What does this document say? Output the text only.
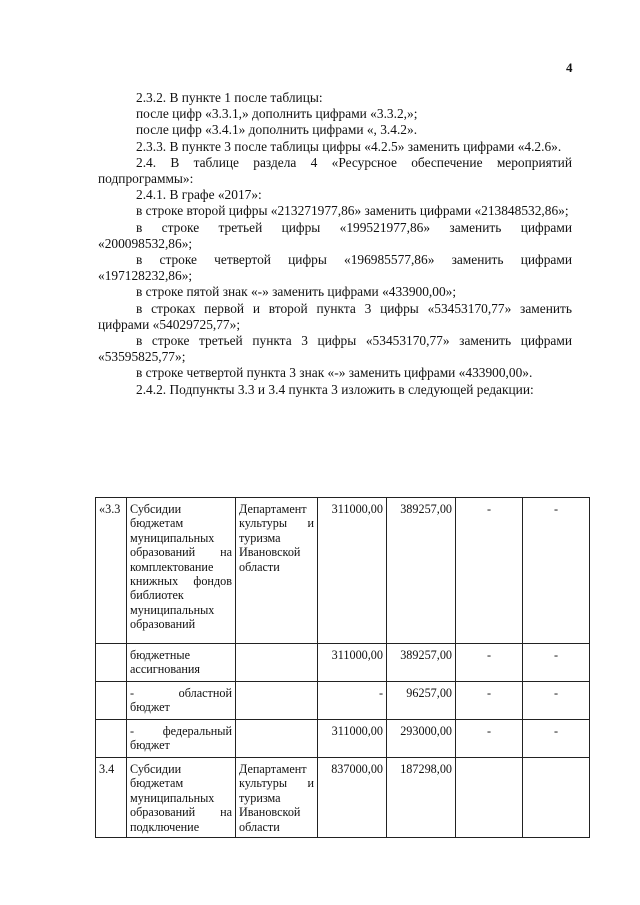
4

2.3.2. В пункте 1 после таблицы:

после цифр «3.3.1,» дополнить цифрами «3.3.2,»;

после цифр «3.4.1» дополнить цифрами «, 3.4.2».

2.3.3. В пункте 3 после таблицы цифры «4.2.5» заменить цифрами «4.2.6».

2.4. В таблице раздела 4 «Ресурсное обеспечение мероприятий подпрограммы»:

2.4.1. В графе «2017»:

в строке второй цифры «213271977,86» заменить цифрами «213848532,86»;

в строке третьей цифры «199521977,86» заменить цифрами «200098532,86»;

в строке четвертой цифры «196985577,86» заменить цифрами «197128232,86»;

в строке пятой знак «-» заменить цифрами «433900,00»;

в строках первой и второй пункта 3 цифры «53453170,77» заменить цифрами «54029725,77»;

в строке третьей пункта 3 цифры «53453170,77» заменить цифрами «53595825,77»;

в строке четвертой пункта 3 знак «-» заменить цифрами «433900,00».

2.4.2. Подпункты 3.3 и 3.4 пункта 3 изложить в следующей редакции:

«3.3	Субсидии бюджетам муниципальных образований на комплектование книжных фондов библиотек муниципальных образований	Департамент культуры и туризма Ивановской области	311000,00	389257,00	-	-
	бюджетные ассигнования		311000,00	389257,00	-	-
	- областной бюджет		-	96257,00	-	-
	- федеральный бюджет		311000,00	293000,00	-	-
3.4	Субсидии бюджетам муниципальных образований на подключение	Департамент культуры и туризма Ивановской области	837000,00	187298,00		
